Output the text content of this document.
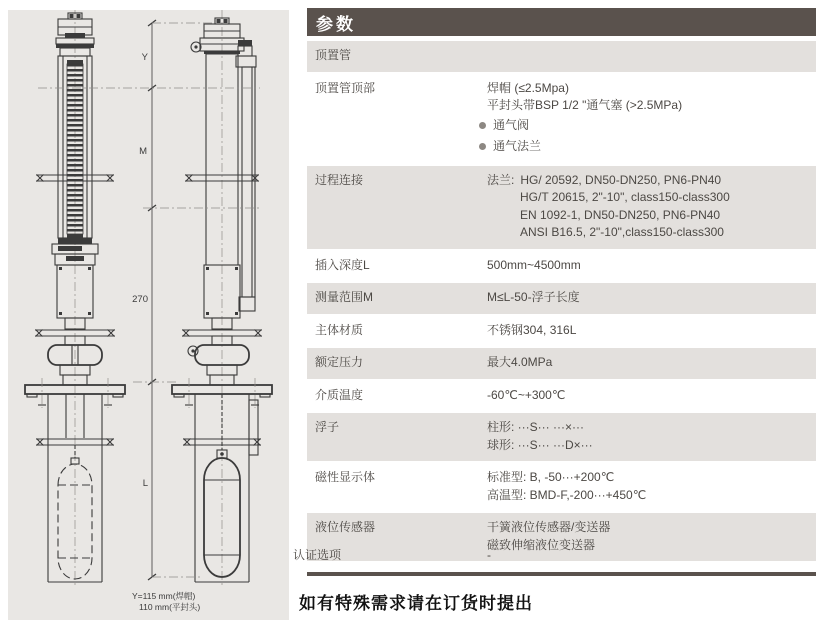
Y
M
270
L
Y=115 mm(焊帽)
110 mm(平封头)
参数
顶置管
顶置管顶部	焊帽 (≤2.5Mpa)
平封头带BSP 1/2 "通气塞 (>2.5MPa)
通气阀
通气法兰
过程连接	法兰: HG/ 20592, DN50-DN250, PN6-PN40
HG/T 20615, 2"-10", class150-class300
EN 1092-1, DN50-DN250, PN6-PN40
ANSI B16.5, 2"-10",class150-class300
插入深度L	500mm~4500mm
测量范围M	M≤L-50-浮子长度
主体材质	不锈钢304, 316L
额定压力	最大4.0MPa
介质温度	-60℃~+300℃
浮子	柱形: ···S··· ···×···
球形: ···S··· ···D×···
磁性显示体	标准型: B, -50···+200℃
高温型: BMD-F,-200···+450℃
液位传感器	干簧液位传感器/变送器
磁致伸缩液位变送器
认证选项	-
如有特殊需求请在订货时提出
